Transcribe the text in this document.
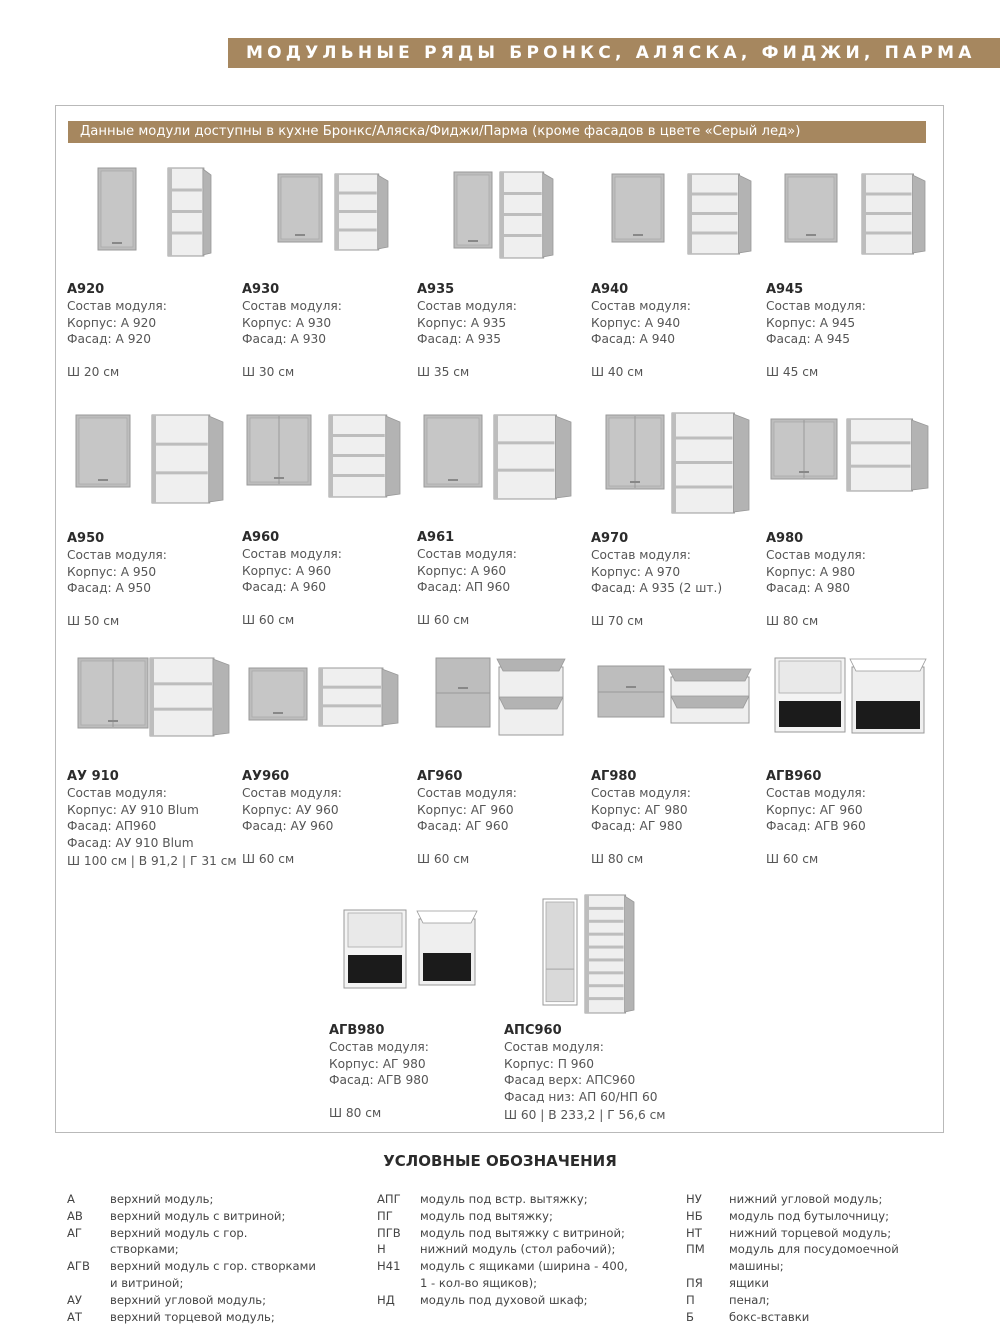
МОДУЛЬНЫЕ РЯДЫ БРОНКС, АЛЯСКА, ФИДЖИ, ПАРМА
Данные модули доступны в кухне Бронкс/Аляска/Фиджи/Парма (кроме фасадов в цвете «Серый лед»)
А920
Состав модуля:
Корпус: А 920
Фасад: А 920
Ш 20 см
А930
Состав модуля:
Корпус: А 930
Фасад: А 930
Ш 30 см
А935
Состав модуля:
Корпус: А 935
Фасад: А 935
Ш 35 см
А940
Состав модуля:
Корпус: А 940
Фасад: А 940
Ш 40 см
А945
Состав модуля:
Корпус: А 945
Фасад: А 945
Ш 45 см
А950
Состав модуля:
Корпус: А 950
Фасад: А 950
Ш 50 см
А960
Состав модуля:
Корпус: А 960
Фасад: А 960
Ш 60 см
А961
Состав модуля:
Корпус: А 960
Фасад: АП 960
Ш 60 см
А970
Состав модуля:
Корпус: А 970
Фасад: А 935 (2 шт.)
Ш 70 см
А980
Состав модуля:
Корпус: А 980
Фасад: А 980
Ш 80 см
АУ 910
Состав модуля:
Корпус: АУ 910 Blum
Фасад: АП960
Фасад: АУ 910 Blum
Ш 100 см | В 91,2 | Г 31 см
АУ960
Состав модуля:
Корпус: АУ 960
Фасад: АУ 960
Ш 60 см
АГ960
Состав модуля:
Корпус: АГ 960
Фасад: АГ 960
Ш 60 см
АГ980
Состав модуля:
Корпус: АГ 980
Фасад: АГ 980
Ш 80 см
АГВ960
Состав модуля:
Корпус: АГ 960
Фасад: АГВ 960
Ш 60 см
АГВ980
Состав модуля:
Корпус: АГ 980
Фасад: АГВ 980
Ш 80 см
АПС960
Состав модуля:
Корпус: П 960
Фасад верх: АПС960
Фасад низ: АП 60/НП 60
Ш 60 | В 233,2 | Г 56,6 см
УСЛОВНЫЕ ОБОЗНАЧЕНИЯ
А	верхний модуль;
АВ	верхний модуль с витриной;
АГ	верхний модуль с гор. створками;
АГВ	верхний модуль с гор. створками и витриной;
АУ	верхний угловой модуль;
АТ	верхний торцевой модуль;
АПГ	модуль под встр. вытяжку;
ПГ	модуль под вытяжку;
ПГВ	модуль под вытяжку с витриной;
Н	нижний модуль (стол рабочий);
Н41	модуль с ящиками (ширина - 400, 1 - кол-во ящиков);
НД	модуль под духовой шкаф;
НУ	нижний угловой модуль;
НБ	модуль под бутылочницу;
НТ	нижний торцевой модуль;
ПМ	модуль для посудомоечной машины;
ПЯ	ящики
П	пенал;
Б	бокс-вставки
